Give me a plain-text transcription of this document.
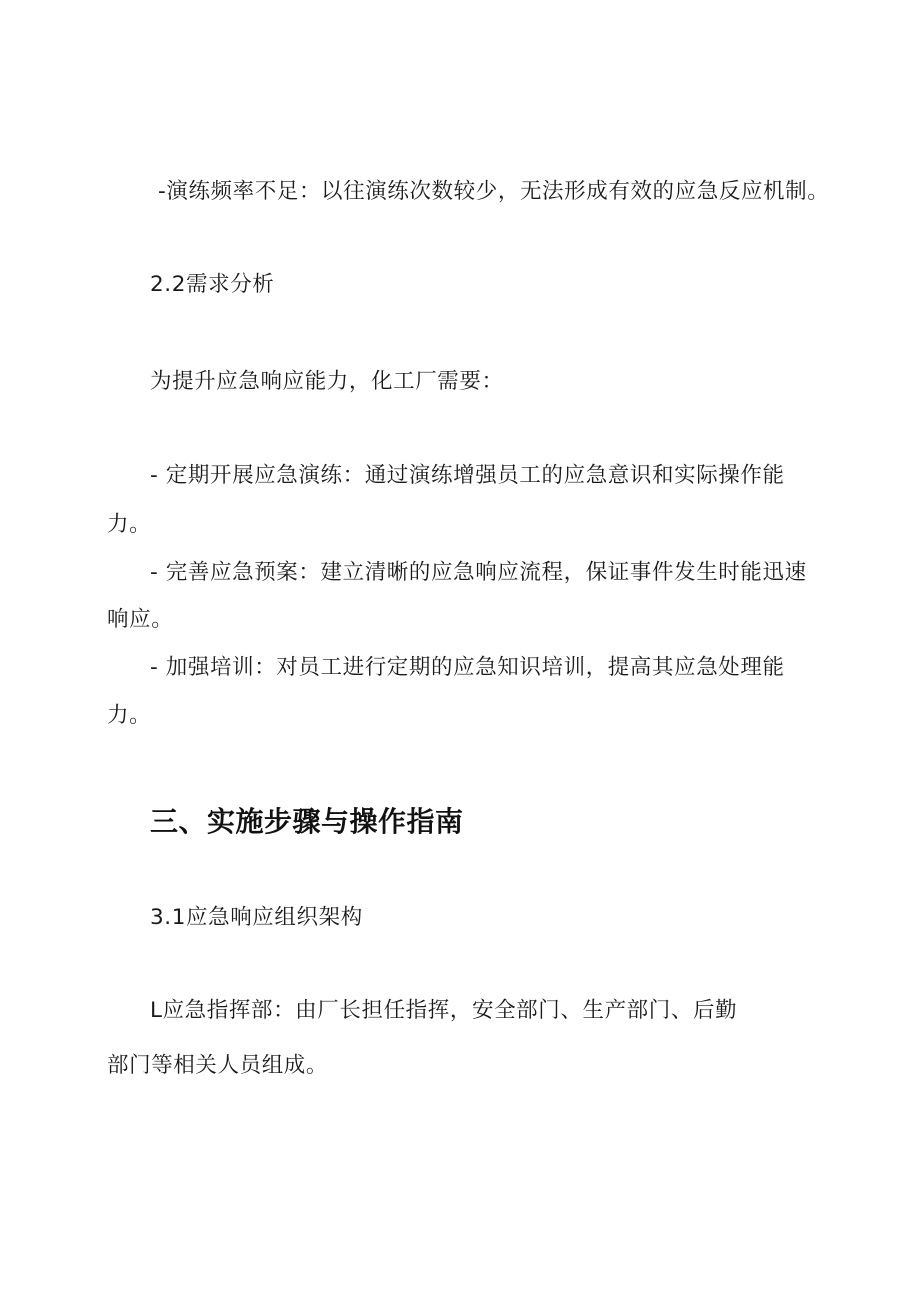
-演练频率不足：以往演练次数较少，无法形成有效的应急反应机制。
2.2需求分析
为提升应急响应能力，化工厂需要：
- 定期开展应急演练：通过演练增强员工的应急意识和实际操作能
力。
- 完善应急预案：建立清晰的应急响应流程，保证事件发生时能迅速
响应。
- 加强培训：对员工进行定期的应急知识培训，提高其应急处理能
力。
三、实施步骤与操作指南
3.1应急响应组织架构
L应急指挥部：由厂长担任指挥，安全部门、生产部门、后勤
部门等相关人员组成。
